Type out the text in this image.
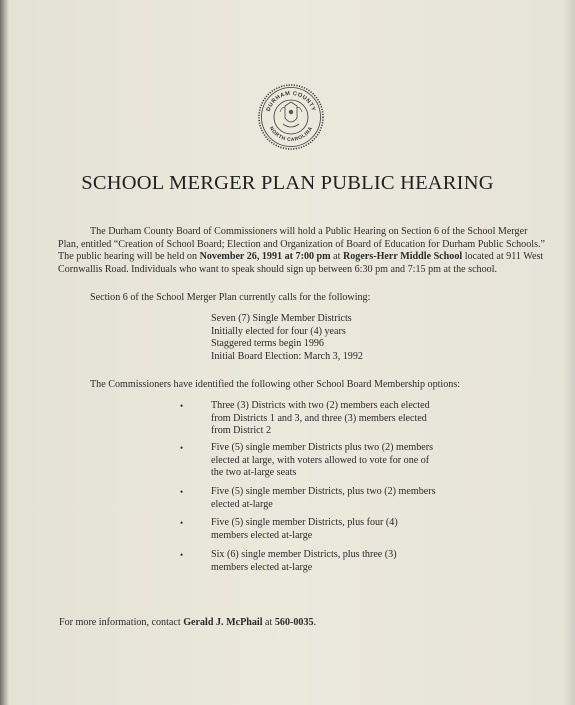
DURHAM COUNTY
NORTH CAROLINA
SCHOOL MERGER PLAN PUBLIC HEARING
The Durham County Board of Commissioners will hold a Public Hearing on Section 6 of the School Merger Plan, entitled “Creation of School Board; Election and Organization of Board of Education for Durham Public Schools.” The public hearing will be held on November 26, 1991 at 7:00 pm at Rogers-Herr Middle School located at 911 West Cornwallis Road. Individuals who want to speak should sign up between 6:30 pm and 7:15 pm at the school.
Section 6 of the School Merger Plan currently calls for the following:
Seven (7) Single Member Districts
Initially elected for four (4) years
Staggered terms begin 1996
Initial Board Election: March 3, 1992
The Commissioners have identified the following other School Board Membership options:
•	Three (3) Districts with two (2) members each elected from Districts 1 and 3, and three (3) members elected from District 2
•	Five (5) single member Districts plus two (2) members elected at large, with voters allowed to vote for one of the two at-large seats
•	Five (5) single member Districts, plus two (2) members elected at-large
•	Five (5) single member Districts, plus four (4) members elected at-large
•	Six (6) single member Districts, plus three (3) members elected at-large
For more information, contact Gerald J. McPhail at 560-0035.
